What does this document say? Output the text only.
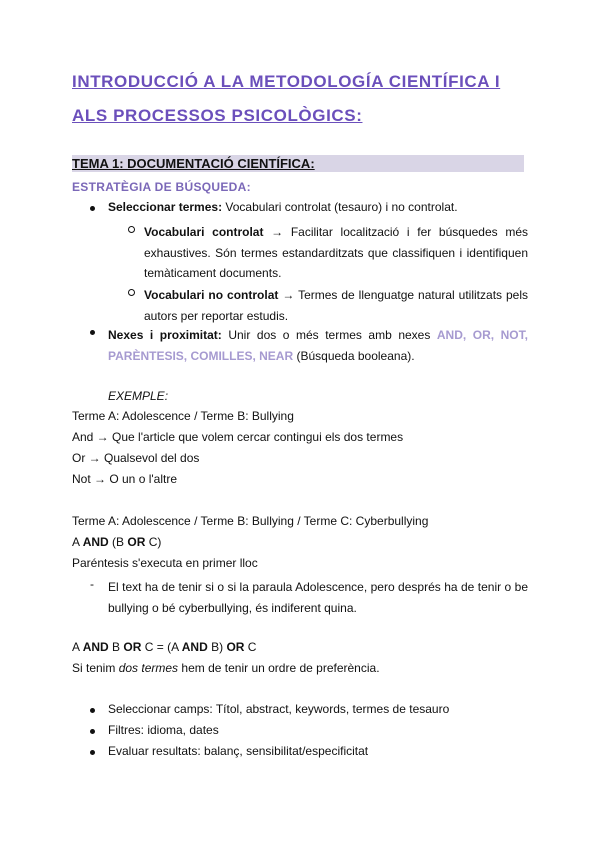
INTRODUCCIÓ A LA METODOLOGÍA CIENTÍFICA I
ALS PROCESSOS PSICOLÒGICS:
TEMA 1: DOCUMENTACIÓ CIENTÍFICA:
ESTRATÈGIA DE BÚSQUEDA:
Seleccionar termes: Vocabulari controlat (tesauro) i no controlat.
Vocabulari controlat → Facilitar localització i fer búsquedes més exhaustives. Són termes estandarditzats que classifiquen i identifiquen temàticament documents.
Vocabulari no controlat → Termes de llenguatge natural utilitzats pels autors per reportar estudis.
Nexes i proximitat: Unir dos o més termes amb nexes AND, OR, NOT, PARÈNTESIS, COMILLES, NEAR (Búsqueda booleana).
EXEMPLE:
Terme A: Adolescence / Terme B: Bullying
And → Que l'article que volem cercar contingui els dos termes
Or → Qualsevol del dos
Not → O un o l'altre
Terme A: Adolescence / Terme B: Bullying / Terme C: Cyberbullying
A AND (B OR C)
Paréntesis s'executa en primer lloc
- El text ha de tenir si o si la paraula Adolescence, pero després ha de tenir o be bullying o bé cyberbullying, és indiferent quina.
A AND B OR C = (A AND B) OR C
Si tenim dos termes hem de tenir un ordre de preferència.
Seleccionar camps: Títol, abstract, keywords, termes de tesauro
Filtres: idioma, dates
Evaluar resultats: balanç, sensibilitat/especificitat
